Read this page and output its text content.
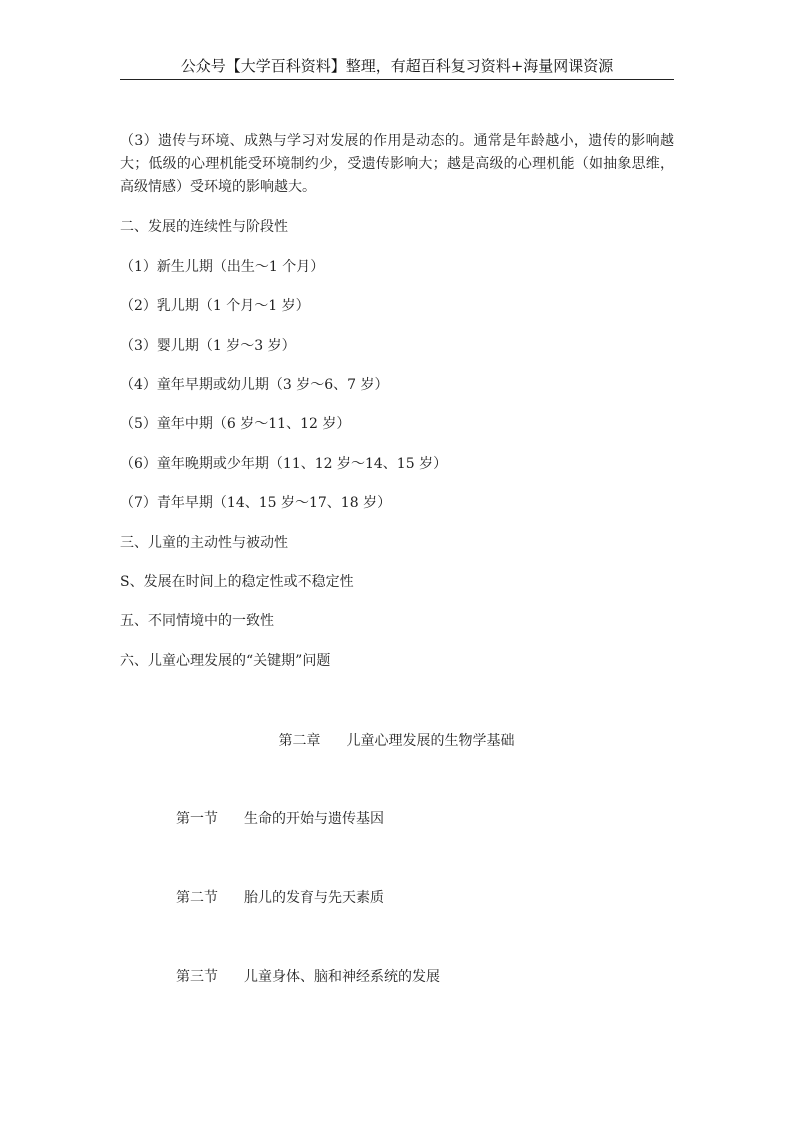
公众号【大学百科资料】整理，有超百科复习资料+海量网课资源
（3）遗传与环境、成熟与学习对发展的作用是动态的。通常是年龄越小，遗传的影响越大；低级的心理机能受环境制约少，受遗传影响大；越是高级的心理机能（如抽象思维，高级情感）受环境的影响越大。
二、发展的连续性与阶段性
（1）新生儿期（出生～1 个月）
（2）乳儿期（1 个月～1 岁）
（3）婴儿期（1 岁～3 岁）
（4）童年早期或幼儿期（3 岁～6、7 岁）
（5）童年中期（6 岁～11、12 岁）
（6）童年晚期或少年期（11、12 岁～14、15 岁）
（7）青年早期（14、15 岁～17、18 岁）
三、儿童的主动性与被动性
S、发展在时间上的稳定性或不稳定性
五、不同情境中的一致性
六、儿童心理发展的“关键期”问题
第二章 儿童心理发展的生物学基础
第一节 生命的开始与遗传基因
第二节 胎儿的发育与先天素质
第三节 儿童身体、脑和神经系统的发展
